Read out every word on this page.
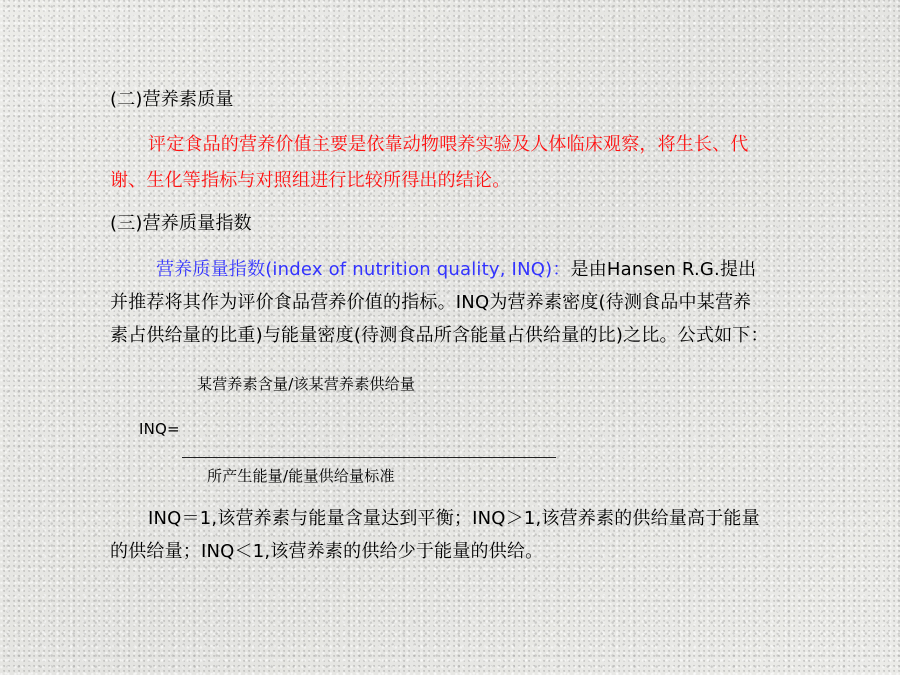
(二)营养素质量
评定食品的营养价值主要是依靠动物喂养实验及人体临床观察，将生长、代
谢、生化等指标与对照组进行比较所得出的结论。
(三)营养质量指数
营养质量指数(index of nutrition quality, INQ)：是由Hansen R.G.提出
并推荐将其作为评价食品营养价值的指标。INQ为营养素密度(待测食品中某营养
素占供给量的比重)与能量密度(待测食品所含能量占供给量的比)之比。公式如下：
某营养素含量/该某营养素供给量
INQ=
所产生能量/能量供给量标准
INQ＝1,该营养素与能量含量达到平衡；INQ＞1,该营养素的供给量高于能量
的供给量；INQ＜1,该营养素的供给少于能量的供给。
